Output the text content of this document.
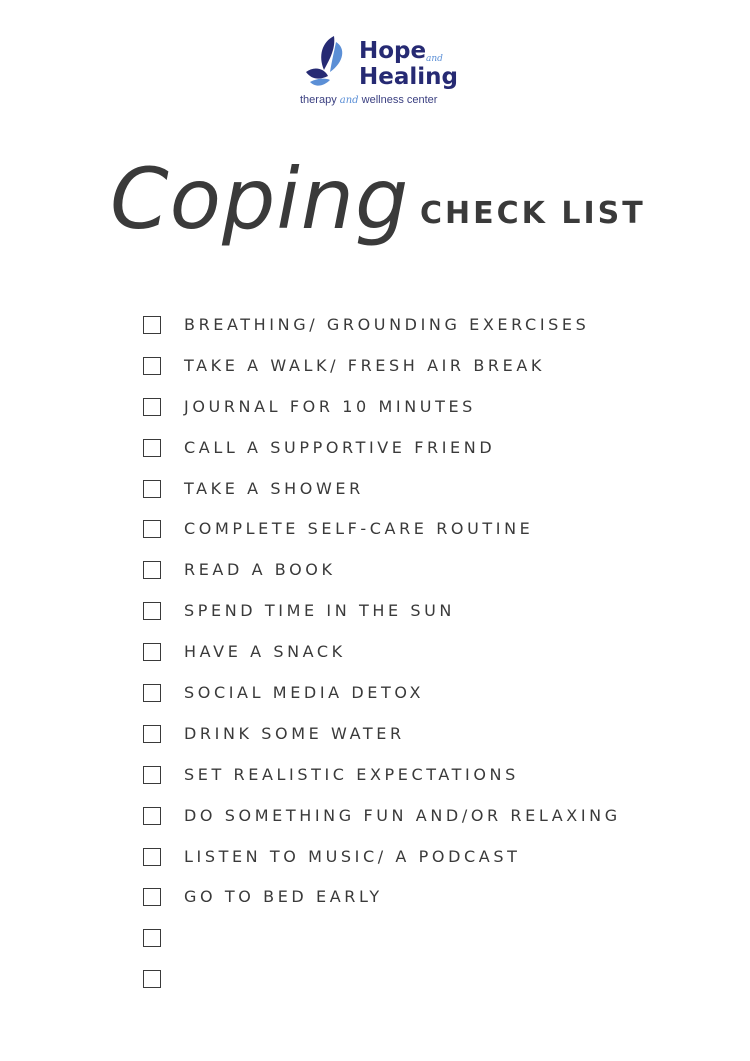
Hope and
Healing
therapy and wellness center
Coping CHECK LIST
BREATHING/ GROUNDING EXERCISES
TAKE A WALK/ FRESH AIR BREAK
JOURNAL FOR 10 MINUTES
CALL A SUPPORTIVE FRIEND
TAKE A SHOWER
COMPLETE SELF-CARE ROUTINE
READ A BOOK
SPEND TIME IN THE SUN
HAVE A SNACK
SOCIAL MEDIA DETOX
DRINK SOME WATER
SET REALISTIC EXPECTATIONS
DO SOMETHING FUN AND/OR RELAXING
LISTEN TO MUSIC/ A PODCAST
GO TO BED EARLY
